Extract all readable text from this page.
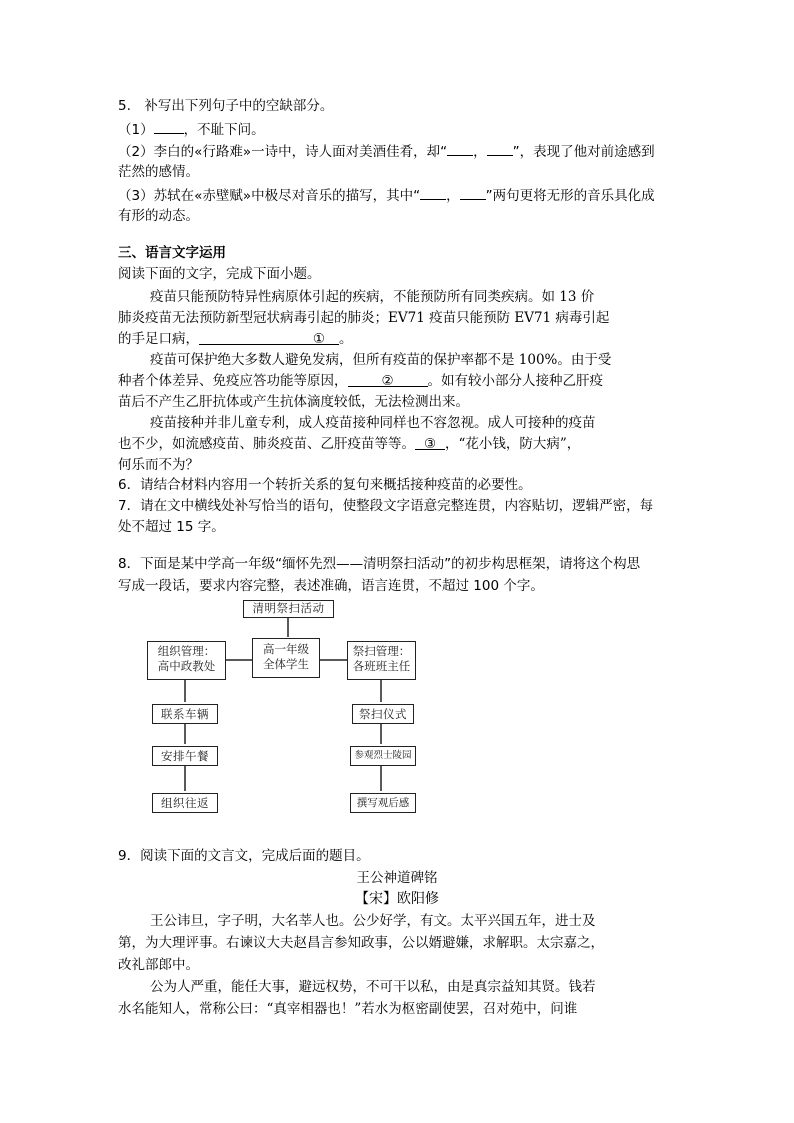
5.　补写出下列句子中的空缺部分。
（1） ，不耻下问。
（2）李白的«行路难»一诗中，诗人面对美酒佳肴，却“ ， ”，表现了他对前途感到
茫然的感情。
（3）苏轼在«赤壁赋»中极尽对音乐的描写，其中“ ， ”两句更将无形的音乐具化成
有形的动态。
三、语言文字运用
阅读下面的文字，完成下面小题。
疫苗只能预防特异性病原体引起的疾病，不能预防所有同类疾病。如 13 价
肺炎疫苗无法预防新型冠状病毒引起的肺炎；EV71 疫苗只能预防 EV71 病毒引起
的手足口病，	① 。
疫苗可保护绝大多数人避免发病，但所有疫苗的保护率都不是 100%。由于受
种者个体差异、免疫应答功能等原因，	②	。如有较小部分人接种乙肝疫
苗后不产生乙肝抗体或产生抗体滴度较低，无法检测出来。
疫苗接种并非儿童专利，成人疫苗接种同样也不容忽视。成人可接种的疫苗
也不少，如流感疫苗、肺炎疫苗、乙肝疫苗等等。 ③ ，“花小钱，防大病”，
何乐而不为？
6．请结合材料内容用一个转折关系的复句来概括接种疫苗的必要性。
7．请在文中横线处补写恰当的语句，使整段文字语意完整连贯，内容贴切，逻辑严密，每
处不超过 15 字。
8．下面是某中学高一年级“缅怀先烈——清明祭扫活动”的初步构思框架，请将这个构思
写成一段话，要求内容完整，表述准确，语言连贯，不超过 100 个字。
清明祭扫活动
高一年级
全体学生
组织管理：
高中政教处
祭扫管理：
各班班主任
联系车辆
安排午餐
组织往返
祭扫仪式
参观烈士陵园
撰写观后感
9．阅读下面的文言文，完成后面的题目。
王公神道碑铭
【宋】欧阳修
王公讳旦，字子明，大名莘人也。公少好学，有文。太平兴国五年，进士及
第，为大理评事。右谏议大夫赵昌言参知政事，公以婿避嫌，求解职。太宗嘉之，
改礼部郎中。
公为人严重，能任大事，避远权势，不可干以私，由是真宗益知其贤。钱若
水名能知人，常称公曰：“真宰相器也！”若水为枢密副使罢，召对苑中，问谁
